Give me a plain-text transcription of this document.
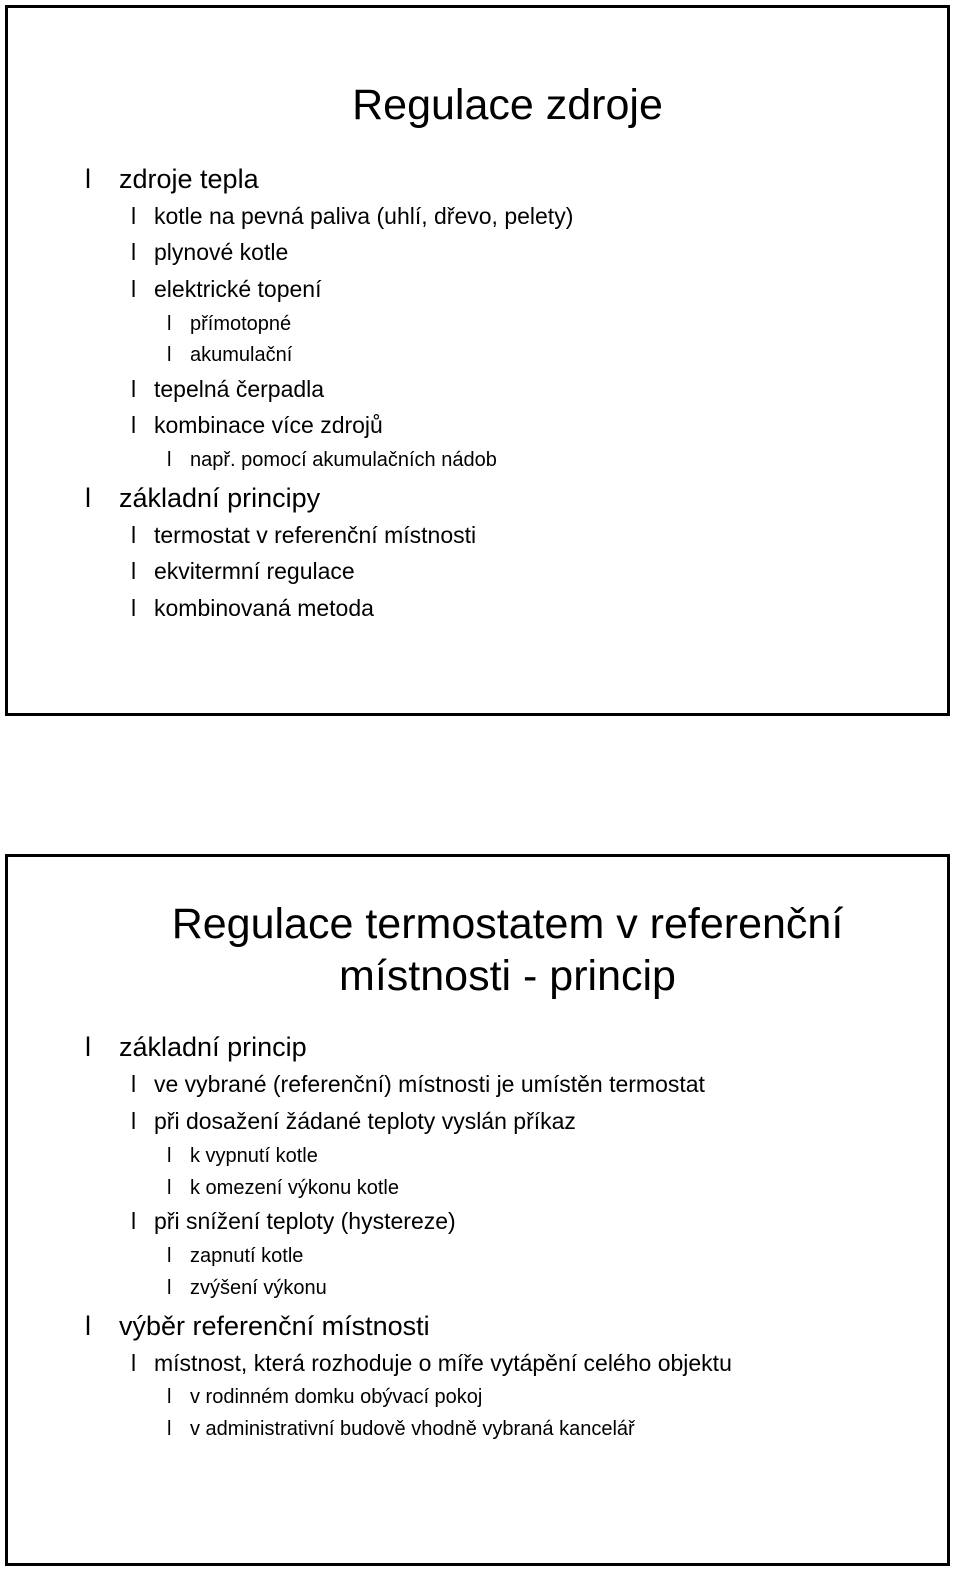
Regulace zdroje
l zdroje tepla
l kotle na pevná paliva (uhlí, dřevo, pelety)
l plynové kotle
l elektrické topení
l přímotopné
l akumulační
l tepelná čerpadla
l kombinace více zdrojů
l např. pomocí akumulačních nádob
l základní principy
l termostat v referenční místnosti
l ekvitermní regulace
l kombinovaná metoda
Regulace termostatem v referenční
místnosti - princip
l základní princip
l ve vybrané (referenční) místnosti je umístěn termostat
l při dosažení žádané teploty vyslán příkaz
l k vypnutí kotle
l k omezení výkonu kotle
l při snížení teploty (hystereze)
l zapnutí kotle
l zvýšení výkonu
l výběr referenční místnosti
l místnost, která rozhoduje o míře vytápění celého objektu
l v rodinném domku obývací pokoj
l v administrativní budově vhodně vybraná kancelář
